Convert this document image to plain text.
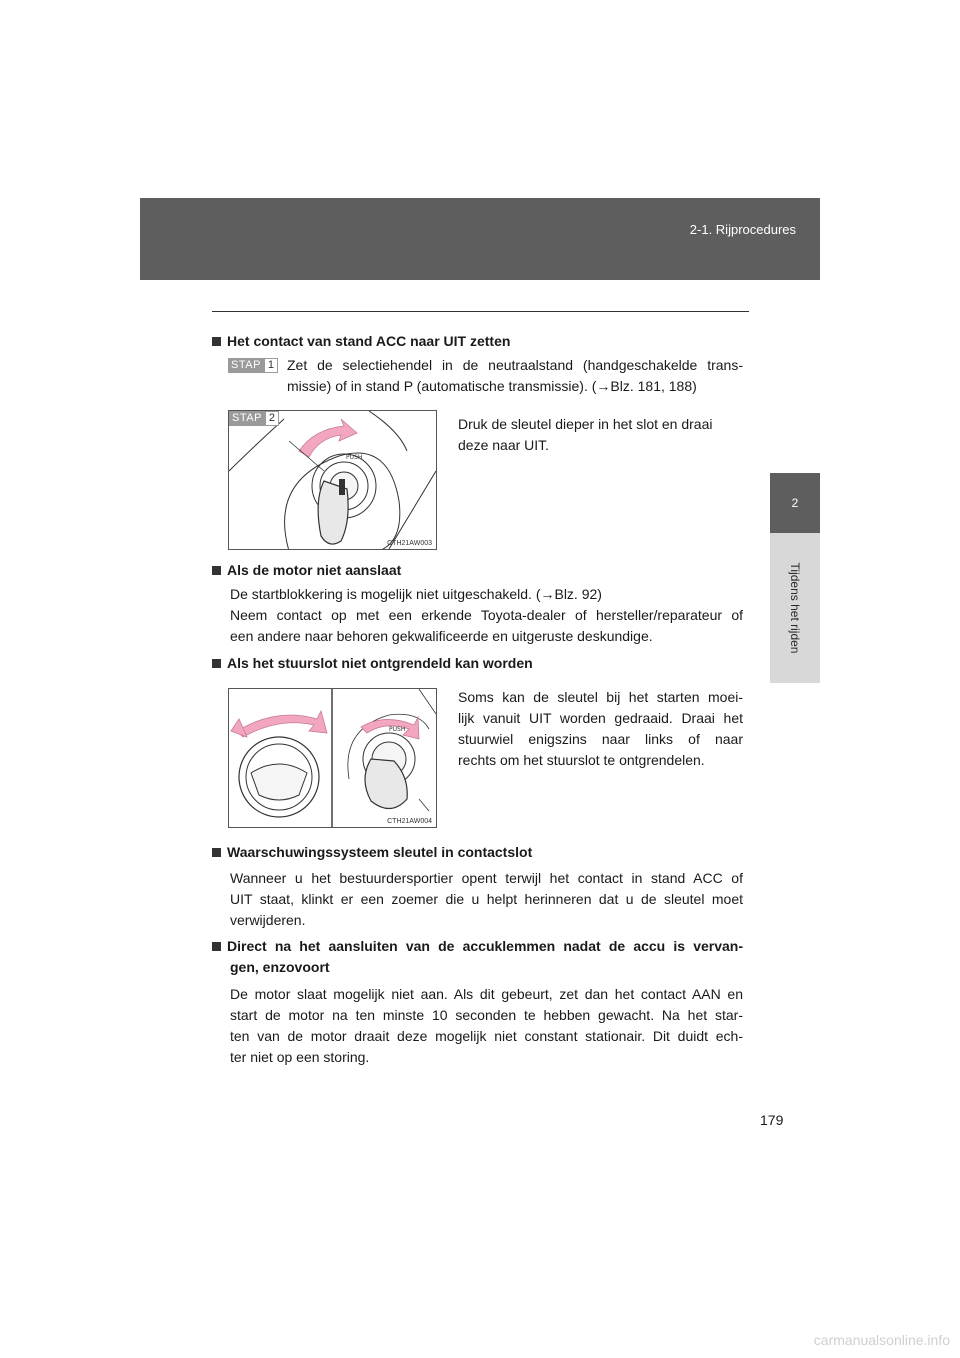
2-1. Rijprocedures
2
Tijdens het rijden

Het contact van stand ACC naar UIT zetten

STAP 1 Zet de selectiehendel in de neutraalstand (handgeschakelde trans-

missie) of in stand P (automatische transmissie). (→Blz. 181, 188)

PUSH
STAP 2
CTH21AW003

Druk de sleutel dieper in het slot en draai

deze naar UIT.

Als de motor niet aanslaat

De startblokkering is mogelijk niet uitgeschakeld. (→Blz. 92)

Neem contact op met een erkende Toyota-dealer of hersteller/reparateur of

een andere naar behoren gekwalificeerde en uitgeruste deskundige.

Als het stuurslot niet ontgrendeld kan worden

PUSH
CTH21AW004

Soms kan de sleutel bij het starten moei-

lijk vanuit UIT worden gedraaid. Draai het

stuurwiel enigszins naar links of naar

rechts om het stuurslot te ontgrendelen.

Waarschuwingssysteem sleutel in contactslot

Wanneer u het bestuurdersportier opent terwijl het contact in stand ACC of

UIT staat, klinkt er een zoemer die u helpt herinneren dat u de sleutel moet

verwijderen.

Direct na het aansluiten van de accuklemmen nadat de accu is vervan-

gen, enzovoort

De motor slaat mogelijk niet aan. Als dit gebeurt, zet dan het contact AAN en

start de motor na ten minste 10 seconden te hebben gewacht. Na het star-

ten van de motor draait deze mogelijk niet constant stationair. Dit duidt ech-

ter niet op een storing.

179
carmanualsonline.info
